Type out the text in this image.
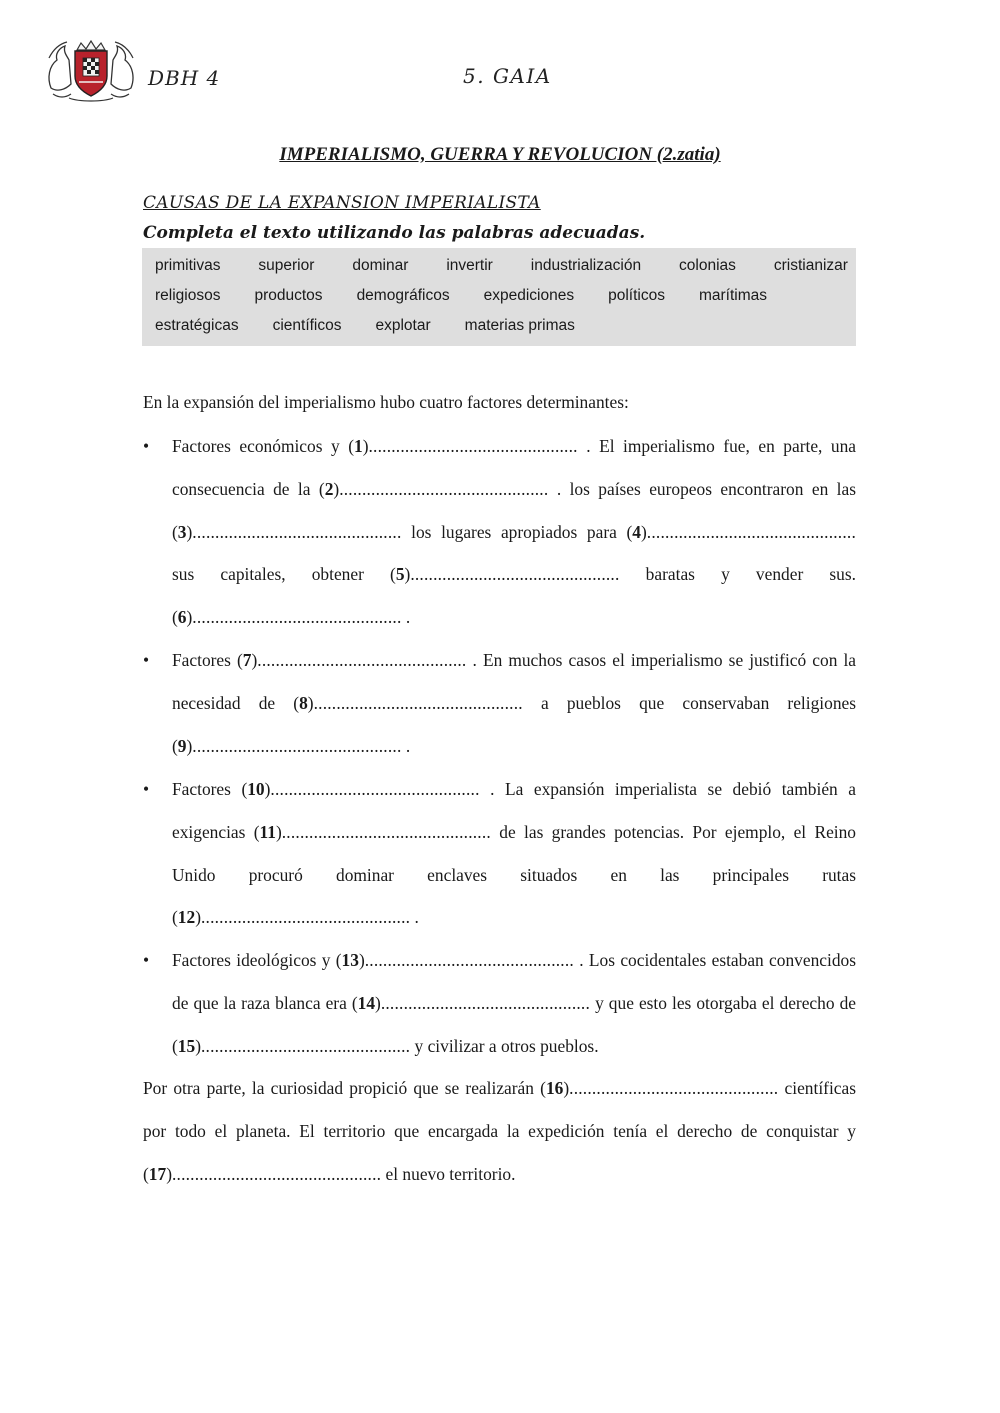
DBH 4	5. GAIA
IMPERIALISMO, GUERRA Y REVOLUCION (2.zatia)
CAUSAS DE LA EXPANSION IMPERIALISTA
Completa el texto utilizando las palabras adecuadas.
primitivas superior dominar invertir industrialización colonias cristianizar
religiosos productos demográficos expediciones políticos marítimas
estratégicas científicos explotar materias primas
En la expansión del imperialismo hubo cuatro factores determinantes:
• Factores económicos y (1).............................................. . El imperialismo fue, en parte, una consecuencia de la (2).............................................. . los países europeos encontraron en las (3).............................................. los lugares apropiados para (4).............................................. sus capitales, obtener (5).............................................. baratas y vender sus. (6).............................................. .
• Factores (7).............................................. . En muchos casos el imperialismo se justificó con la necesidad de (8).............................................. a pueblos que conservaban religiones (9).............................................. .
• Factores (10).............................................. . La expansión imperialista se debió también a exigencias (11).............................................. de las grandes potencias. Por ejemplo, el Reino Unido procuró dominar enclaves situados en las principales rutas (12).............................................. .
• Factores ideológicos y (13).............................................. . Los cocidentales estaban convencidos de que la raza blanca era (14).............................................. y que esto les otorgaba el derecho de (15).............................................. y civilizar a otros pueblos.
Por otra parte, la curiosidad propició que se realizarán (16).............................................. científicas por todo el planeta. El territorio que encargada la expedición tenía el derecho de conquistar y (17).............................................. el nuevo territorio.
